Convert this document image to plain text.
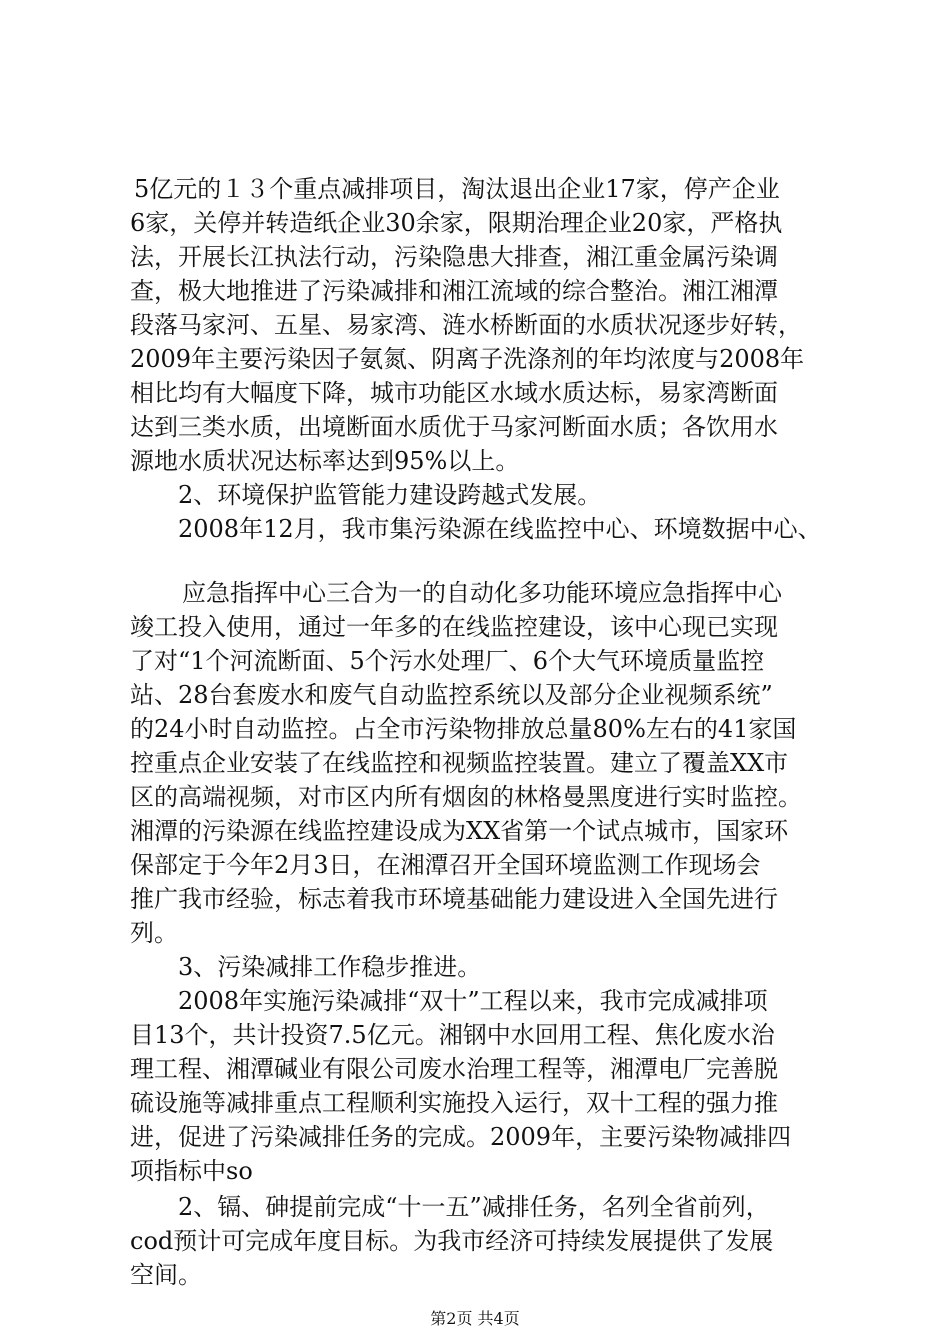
5亿元的１３个重点减排项目，淘汰退出企业17家，停产企业
6家，关停并转造纸企业30余家，限期治理企业20家，严格执
法，开展长江执法行动，污染隐患大排查，湘江重金属污染调
查，极大地推进了污染减排和湘江流域的综合整治。湘江湘潭
段落马家河、五星、易家湾、涟水桥断面的水质状况逐步好转，
2009年主要污染因子氨氮、阴离子洗涤剂的年均浓度与2008年
相比均有大幅度下降，城市功能区水域水质达标，易家湾断面
达到三类水质，出境断面水质优于马家河断面水质；各饮用水
源地水质状况达标率达到95%以上。
2、环境保护监管能力建设跨越式发展。
2008年12月，我市集污染源在线监控中心、环境数据中心、
应急指挥中心三合为一的自动化多功能环境应急指挥中心
竣工投入使用，通过一年多的在线监控建设，该中心现已实现
了对“1个河流断面、5个污水处理厂、6个大气环境质量监控
站、28台套废水和废气自动监控系统以及部分企业视频系统”
的24小时自动监控。占全市污染物排放总量80%左右的41家国
控重点企业安装了在线监控和视频监控装置。建立了覆盖XX市
区的高端视频，对市区内所有烟囱的林格曼黑度进行实时监控。
湘潭的污染源在线监控建设成为XX省第一个试点城市，国家环
保部定于今年2月3日，在湘潭召开全国环境监测工作现场会
推广我市经验，标志着我市环境基础能力建设进入全国先进行
列。
3、污染减排工作稳步推进。
2008年实施污染减排“双十”工程以来，我市完成减排项
目13个，共计投资7.5亿元。湘钢中水回用工程、焦化废水治
理工程、湘潭碱业有限公司废水治理工程等，湘潭电厂完善脱
硫设施等减排重点工程顺利实施投入运行，双十工程的强力推
进，促进了污染减排任务的完成。2009年，主要污染物减排四
项指标中so
2、镉、砷提前完成“十一五”减排任务，名列全省前列，
cod预计可完成年度目标。为我市经济可持续发展提供了发展
空间。
第2页 共4页
